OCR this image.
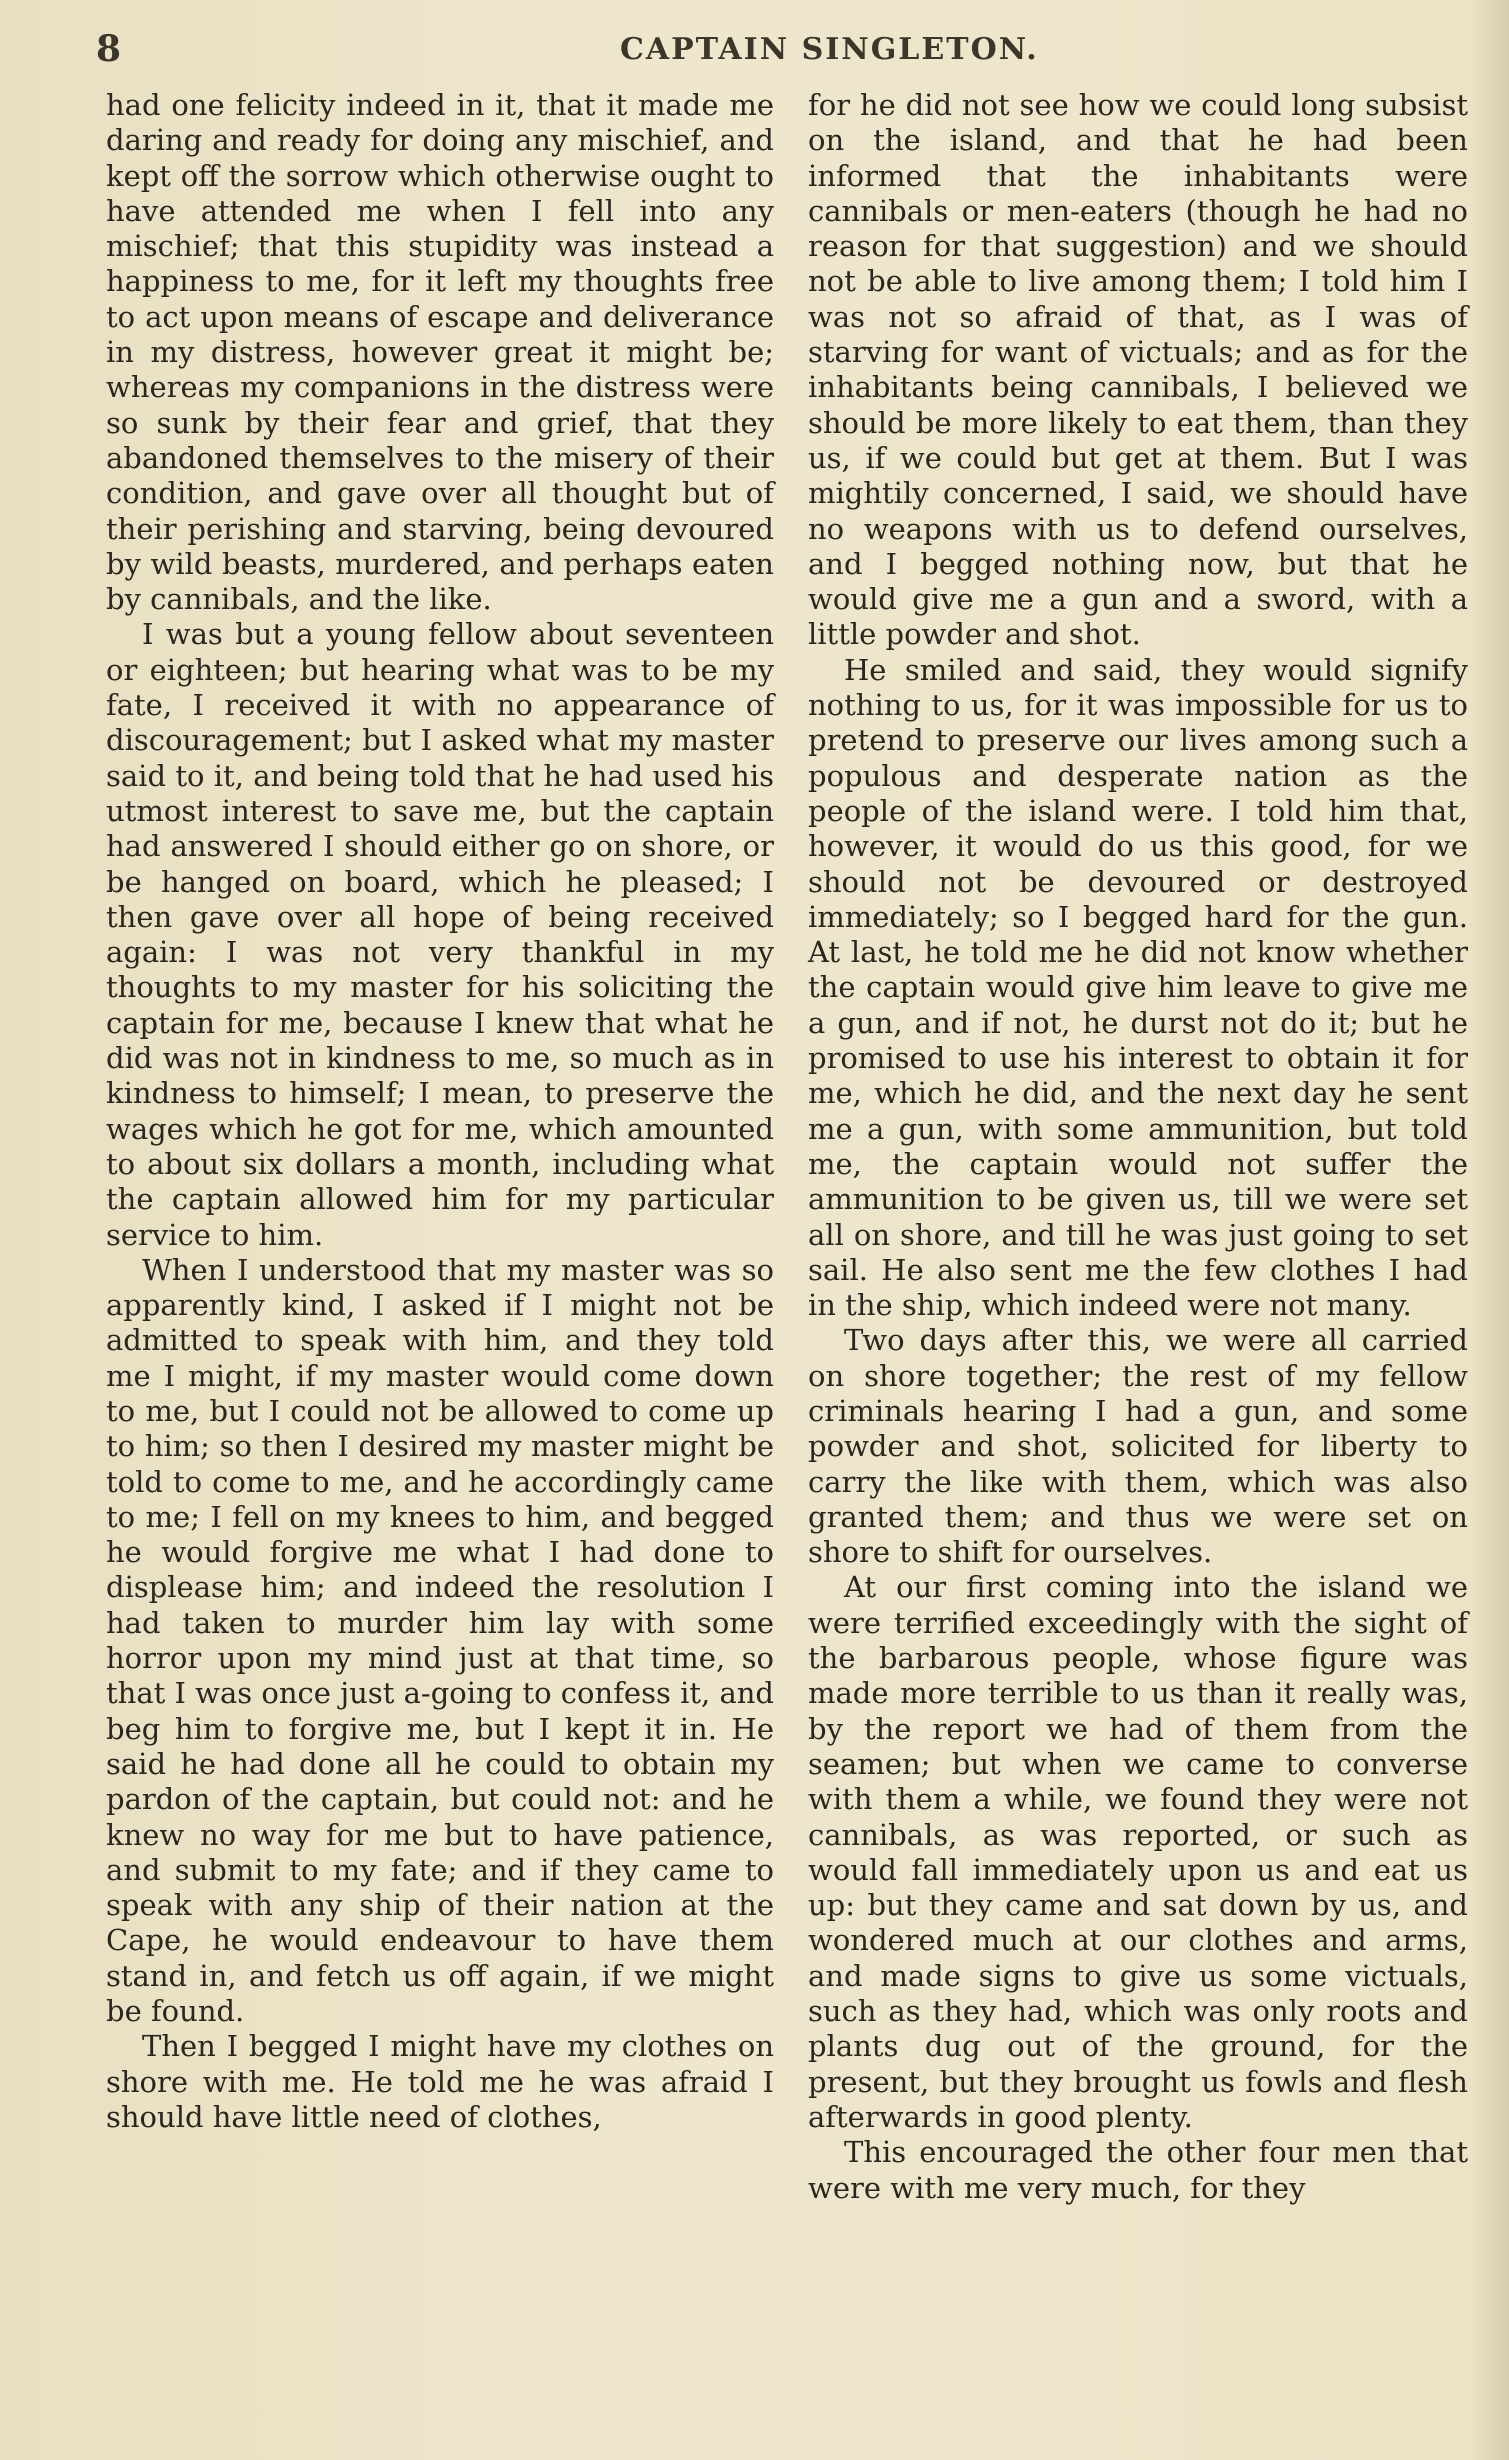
8	CAPTAIN SINGLETON.

had one felicity indeed in it, that it made me daring and ready for doing any mischief, and kept off the sorrow which otherwise ought to have attended me when I fell into any mischief; that this stupidity was instead a happiness to me, for it left my thoughts free to act upon means of escape and deliverance in my distress, however great it might be; whereas my companions in the distress were so sunk by their fear and grief, that they abandoned themselves to the misery of their condition, and gave over all thought but of their perishing and starving, being devoured by wild beasts, murdered, and perhaps eaten by cannibals, and the like.

I was but a young fellow about seventeen or eighteen; but hearing what was to be my fate, I received it with no appearance of discouragement; but I asked what my master said to it, and being told that he had used his utmost interest to save me, but the captain had answered I should either go on shore, or be hanged on board, which he pleased; I then gave over all hope of being received again: I was not very thankful in my thoughts to my master for his soliciting the captain for me, because I knew that what he did was not in kindness to me, so much as in kindness to himself; I mean, to preserve the wages which he got for me, which amounted to about six dollars a month, including what the captain allowed him for my particular service to him.

When I understood that my master was so apparently kind, I asked if I might not be admitted to speak with him, and they told me I might, if my master would come down to me, but I could not be allowed to come up to him; so then I desired my master might be told to come to me, and he accordingly came to me; I fell on my knees to him, and begged he would forgive me what I had done to displease him; and indeed the resolution I had taken to murder him lay with some horror upon my mind just at that time, so that I was once just a-going to confess it, and beg him to forgive me, but I kept it in. He said he had done all he could to obtain my pardon of the captain, but could not: and he knew no way for me but to have patience, and submit to my fate; and if they came to speak with any ship of their nation at the Cape, he would endeavour to have them stand in, and fetch us off again, if we might be found.

Then I begged I might have my clothes on shore with me. He told me he was afraid I should have little need of clothes,

for he did not see how we could long subsist on the island, and that he had been informed that the inhabitants were cannibals or men-eaters (though he had no reason for that suggestion) and we should not be able to live among them; I told him I was not so afraid of that, as I was of starving for want of victuals; and as for the inhabitants being cannibals, I believed we should be more likely to eat them, than they us, if we could but get at them. But I was mightily concerned, I said, we should have no weapons with us to defend ourselves, and I begged nothing now, but that he would give me a gun and a sword, with a little powder and shot.

He smiled and said, they would signify nothing to us, for it was impossible for us to pretend to preserve our lives among such a populous and desperate nation as the people of the island were. I told him that, however, it would do us this good, for we should not be devoured or destroyed immediately; so I begged hard for the gun. At last, he told me he did not know whether the captain would give him leave to give me a gun, and if not, he durst not do it; but he promised to use his interest to obtain it for me, which he did, and the next day he sent me a gun, with some ammunition, but told me, the captain would not suffer the ammunition to be given us, till we were set all on shore, and till he was just going to set sail. He also sent me the few clothes I had in the ship, which indeed were not many.

Two days after this, we were all carried on shore together; the rest of my fellow criminals hearing I had a gun, and some powder and shot, solicited for liberty to carry the like with them, which was also granted them; and thus we were set on shore to shift for ourselves.

At our first coming into the island we were terrified exceedingly with the sight of the barbarous people, whose figure was made more terrible to us than it really was, by the report we had of them from the seamen; but when we came to converse with them a while, we found they were not cannibals, as was reported, or such as would fall immediately upon us and eat us up: but they came and sat down by us, and wondered much at our clothes and arms, and made signs to give us some victuals, such as they had, which was only roots and plants dug out of the ground, for the present, but they brought us fowls and flesh afterwards in good plenty.

This encouraged the other four men that were with me very much, for they
